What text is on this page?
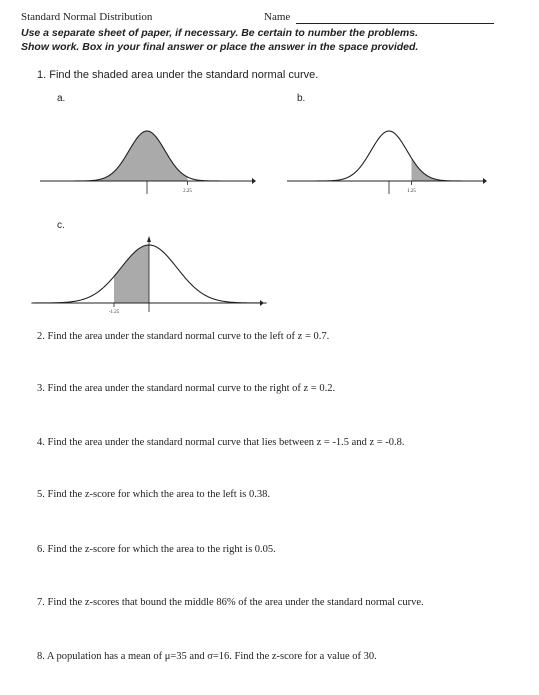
Standard Normal Distribution	Name
Use a separate sheet of paper, if necessary. Be certain to number the problems.
Show work. Box in your final answer or place the answer in the space provided.
1. Find the shaded area under the standard normal curve.
a.	b.
c.
2.25	1.25
-1.25
2. Find the area under the standard normal curve to the left of z = 0.7.
3. Find the area under the standard normal curve to the right of z = 0.2.
4. Find the area under the standard normal curve that lies between z = -1.5 and z = -0.8.
5. Find the z-score for which the area to the left is 0.38.
6. Find the z-score for which the area to the right is 0.05.
7. Find the z-scores that bound the middle 86% of the area under the standard normal curve.
8. A population has a mean of μ=35 and σ=16. Find the z-score for a value of 30.
